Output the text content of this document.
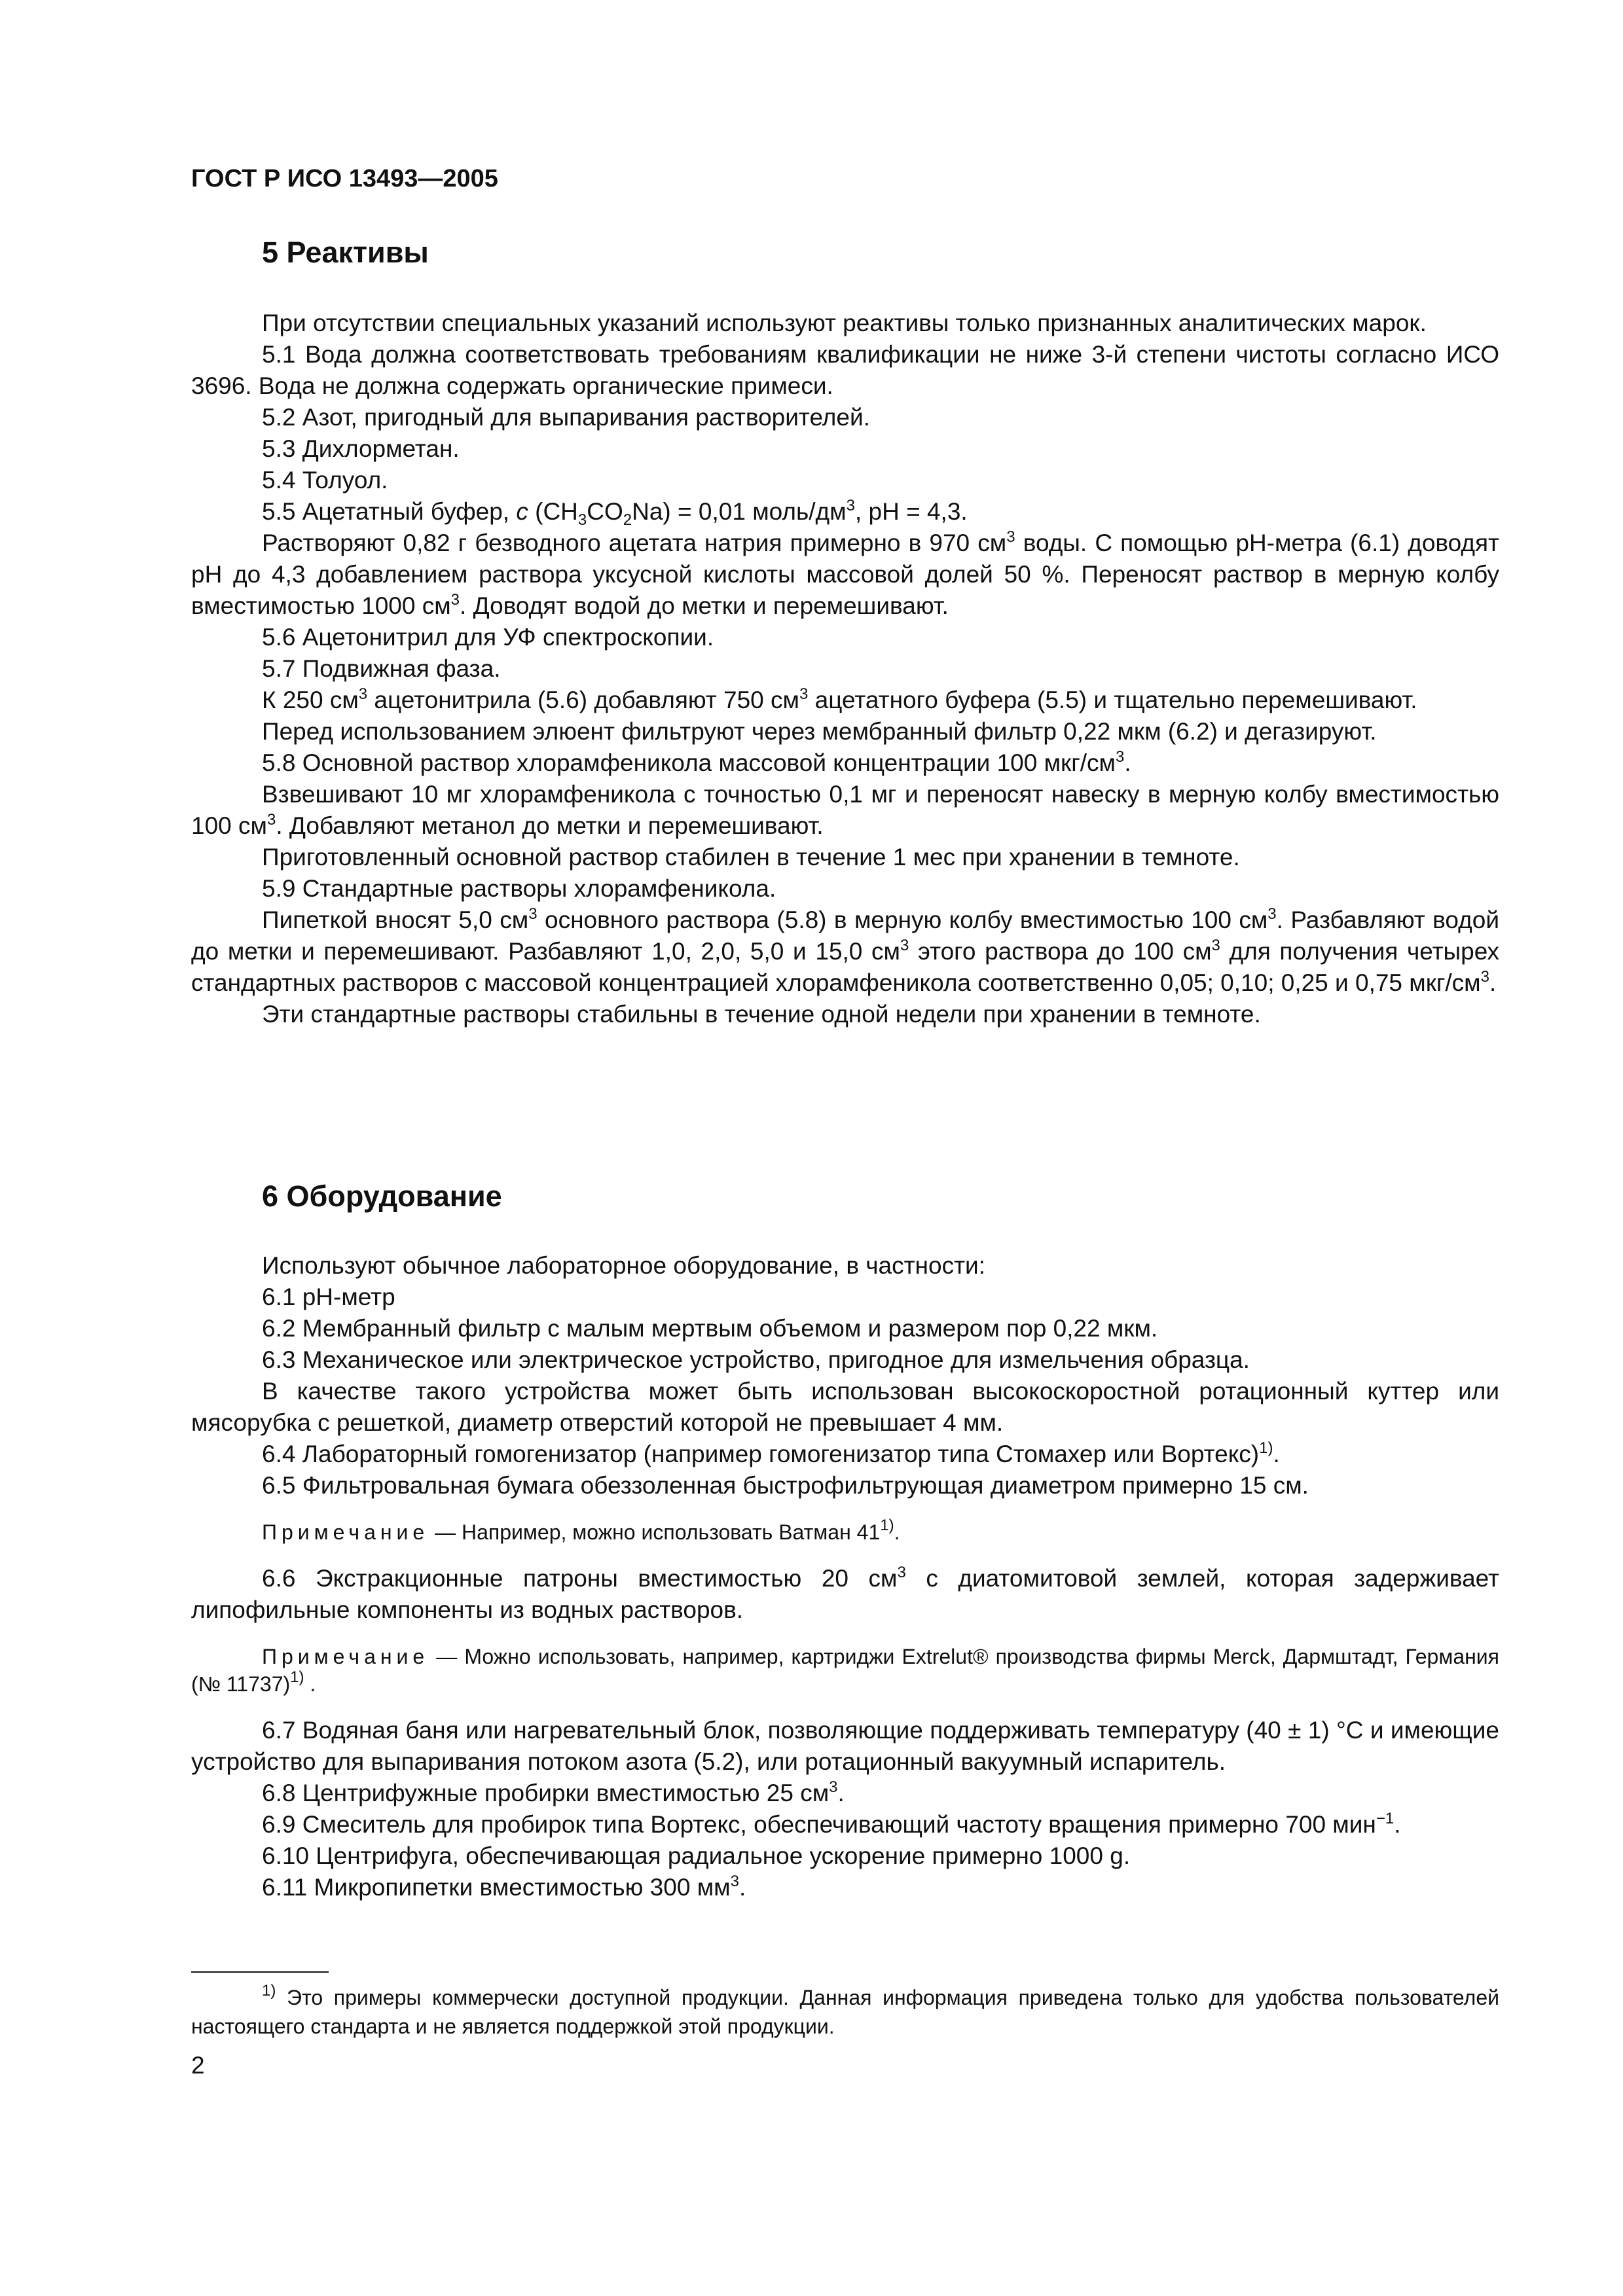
ГОСТ Р ИСО 13493—2005
5 Реактивы

При отсутствии специальных указаний используют реактивы только признанных аналитических марок.

5.1 Вода должна соответствовать требованиям квалификации не ниже 3-й степени чистоты согласно ИСО 3696. Вода не должна содержать органические примеси.

5.2 Азот, пригодный для выпаривания растворителей.

5.3 Дихлорметан.

5.4 Толуол.

5.5 Ацетатный буфер, c $(CH_3CO_2Na) = 0,01$ моль/$дм^3$, pH = 4,3.

Растворяют 0,82 г безводного ацетата натрия примерно в 970 $см^3$ воды. С помощью pH-метра (6.1) доводят pH до 4,3 добавлением раствора уксусной кислоты массовой долей 50 %. Переносят раствор в мерную колбу вместимостью 1000 $см^3$. Доводят водой до метки и перемешивают.

5.6 Ацетонитрил для УФ спектроскопии.

5.7 Подвижная фаза.

К 250 $см^3$ ацетонитрила (5.6) добавляют 750 $см^3$ ацетатного буфера (5.5) и тщательно перемешивают.

Перед использованием элюент фильтруют через мембранный фильтр 0,22 мкм (6.2) и дегазируют.

5.8 Основной раствор хлорамфеникола массовой концентрации 100 мкг/$см^3$.

Взвешивают 10 мг хлорамфеникола с точностью 0,1 мг и переносят навеску в мерную колбу вместимостью 100 $см^3$. Добавляют метанол до метки и перемешивают.

Приготовленный основной раствор стабилен в течение 1 мес при хранении в темноте.

5.9 Стандартные растворы хлорамфеникола.

Пипеткой вносят 5,0 $см^3$ основного раствора (5.8) в мерную колбу вместимостью 100 $см^3$. Разбавляют водой до метки и перемешивают. Разбавляют 1,0, 2,0, 5,0 и 15,0 $см^3$ этого раствора до 100 $см^3$ для получения четырех стандартных растворов с массовой концентрацией хлорамфеникола соответственно 0,05; 0,10; 0,25 и 0,75 мкг/$см^3$.

Эти стандартные растворы стабильны в течение одной недели при хранении в темноте.

6 Оборудование

Используют обычное лабораторное оборудование, в частности:

6.1 pH-метр

6.2 Мембранный фильтр с малым мертвым объемом и размером пор 0,22 мкм.

6.3 Механическое или электрическое устройство, пригодное для измельчения образца.

В качестве такого устройства может быть использован высокоскоростной ротационный куттер или мясорубка с решеткой, диаметр отверстий которой не превышает 4 мм.

6.4 Лабораторный гомогенизатор (например гомогенизатор типа Стомахер или Вортекс)$^{1)}$.

6.5 Фильтровальная бумага обеззоленная быстрофильтрующая диаметром примерно 15 см.

Примечание — Например, можно использовать Ватман 41$^{1)}$.

6.6 Экстракционные патроны вместимостью 20 $см^3$ с диатомитовой землей, которая задерживает липофильные компоненты из водных растворов.

Примечание — Можно использовать, например, картриджи Extrelut® производства фирмы Merck, Дармштадт, Германия (№ 11737)$^{1)}$ .

6.7 Водяная баня или нагревательный блок, позволяющие поддерживать температуру (40 ± 1) °С и имеющие устройство для выпаривания потоком азота (5.2), или ротационный вакуумный испаритель.

6.8 Центрифужные пробирки вместимостью 25 $см^3$.

6.9 Смеситель для пробирок типа Вортекс, обеспечивающий частоту вращения примерно 700 мин$^{-1}$.

6.10 Центрифуга, обеспечивающая радиальное ускорение примерно 1000 g.

6.11 Микропипетки вместимостью 300 $мм^3$.

$^{1)}$ Это примеры коммерчески доступной продукции. Данная информация приведена только для удобства пользователей настоящего стандарта и не является поддержкой этой продукции.
2
